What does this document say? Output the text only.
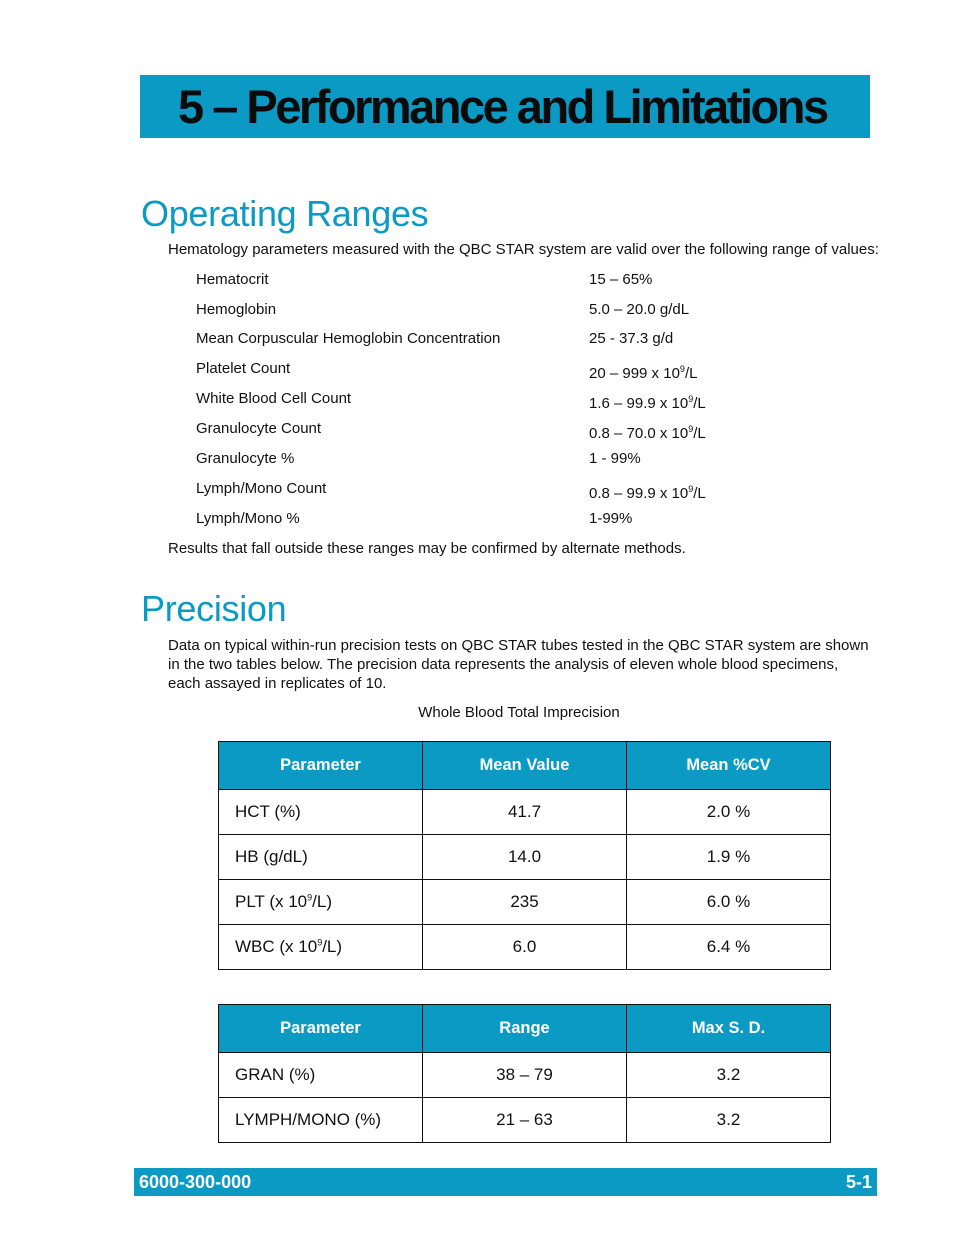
5 – Performance and Limitations
Operating Ranges

Hematology parameters measured with the QBC STAR system are valid over the following range of values:

Hematocrit	15 – 65%
Hemoglobin	5.0 – 20.0 g/dL
Mean Corpuscular Hemoglobin Concentration	25 - 37.3 g/d
Platelet Count	20 – 999 x $10^9/L$
White Blood Cell Count	1.6 – 99.9 x $10^9/L$
Granulocyte Count	0.8 – 70.0 x $10^9/L$
Granulocyte %	1 - 99%
Lymph/Mono Count	0.8 – 99.9 x $10^9/L$
Lymph/Mono %	1-99%

Results that fall outside these ranges may be confirmed by alternate methods.

Precision

Data on typical within-run precision tests on QBC STAR tubes tested in the QBC STAR system are shown in the two tables below. The precision data represents the analysis of eleven whole blood specimens, each assayed in replicates of 10.

Whole Blood Total Imprecision
Parameter	Mean Value	Mean %CV
HCT (%)	41.7	2.0 %
HB (g/dL)	14.0	1.9 %
PLT (x $10^9/L$)	235	6.0 %
WBC (x $10^9/L$)	6.0	6.4 %
Parameter	Range	Max S. D.
GRAN (%)	38 – 79	3.2
LYMPH/MONO (%)	21 – 63	3.2
6000-300-000	5-1
